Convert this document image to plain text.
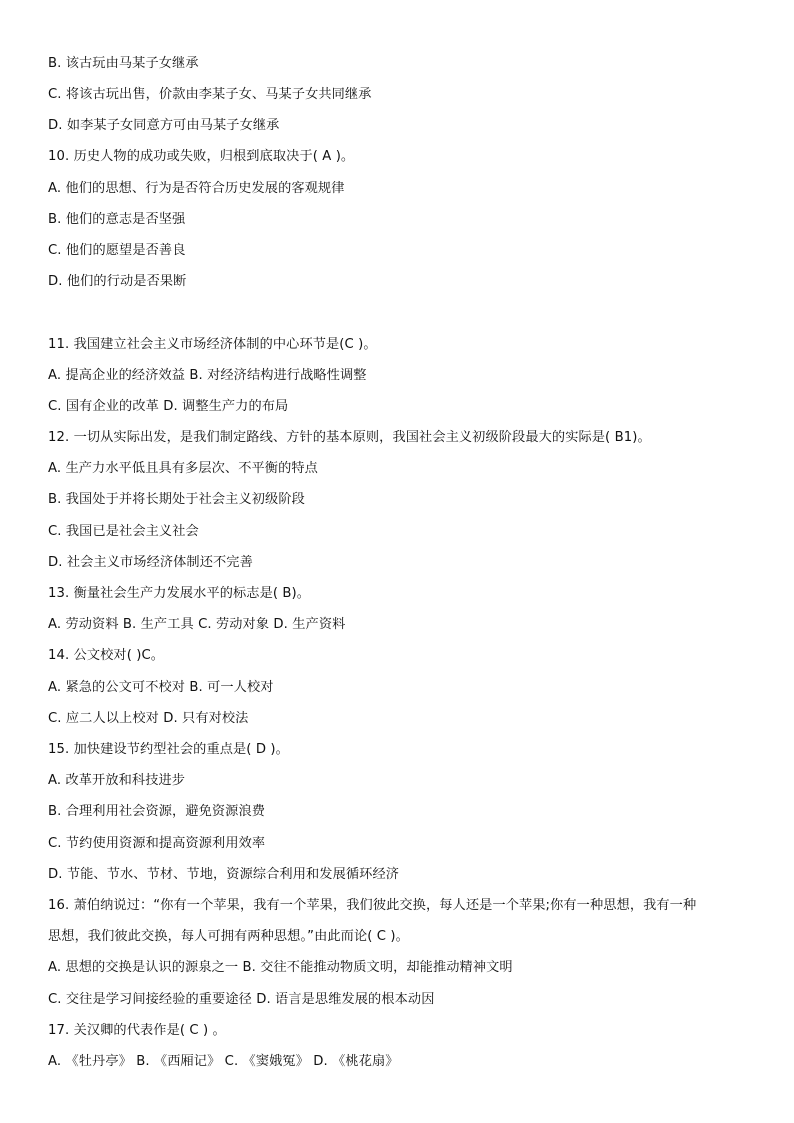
B. 该古玩由马某子女继承
C. 将该古玩出售，价款由李某子女、马某子女共同继承
D. 如李某子女同意方可由马某子女继承
10. 历史人物的成功或失败，归根到底取决于( A )。
A. 他们的思想、行为是否符合历史发展的客观规律
B. 他们的意志是否坚强
C. 他们的愿望是否善良
D. 他们的行动是否果断
11. 我国建立社会主义市场经济体制的中心环节是(C )。
A. 提高企业的经济效益 B. 对经济结构进行战略性调整
C. 国有企业的改革 D. 调整生产力的布局
12. 一切从实际出发，是我们制定路线、方针的基本原则，我国社会主义初级阶段最大的实际是( B1)。
A. 生产力水平低且具有多层次、不平衡的特点
B. 我国处于并将长期处于社会主义初级阶段
C. 我国已是社会主义社会
D. 社会主义市场经济体制还不完善
13. 衡量社会生产力发展水平的标志是( B)。
A. 劳动资料 B. 生产工具 C. 劳动对象 D. 生产资料
14. 公文校对( )C。
A. 紧急的公文可不校对 B. 可一人校对
C. 应二人以上校对 D. 只有对校法
15. 加快建设节约型社会的重点是( D )。
A. 改革开放和科技进步
B. 合理利用社会资源，避免资源浪费
C. 节约使用资源和提高资源利用效率
D. 节能、节水、节材、节地，资源综合利用和发展循环经济
16. 萧伯纳说过：“你有一个苹果，我有一个苹果，我们彼此交换，每人还是一个苹果;你有一种思想，我有一种
思想，我们彼此交换，每人可拥有两种思想。”由此而论( C )。
A. 思想的交换是认识的源泉之一 B. 交往不能推动物质文明，却能推动精神文明
C. 交往是学习间接经验的重要途径 D. 语言是思维发展的根本动因
17. 关汉卿的代表作是( C ) 。
A. 《牡丹亭》 B. 《西厢记》 C. 《窦娥冤》 D. 《桃花扇》
